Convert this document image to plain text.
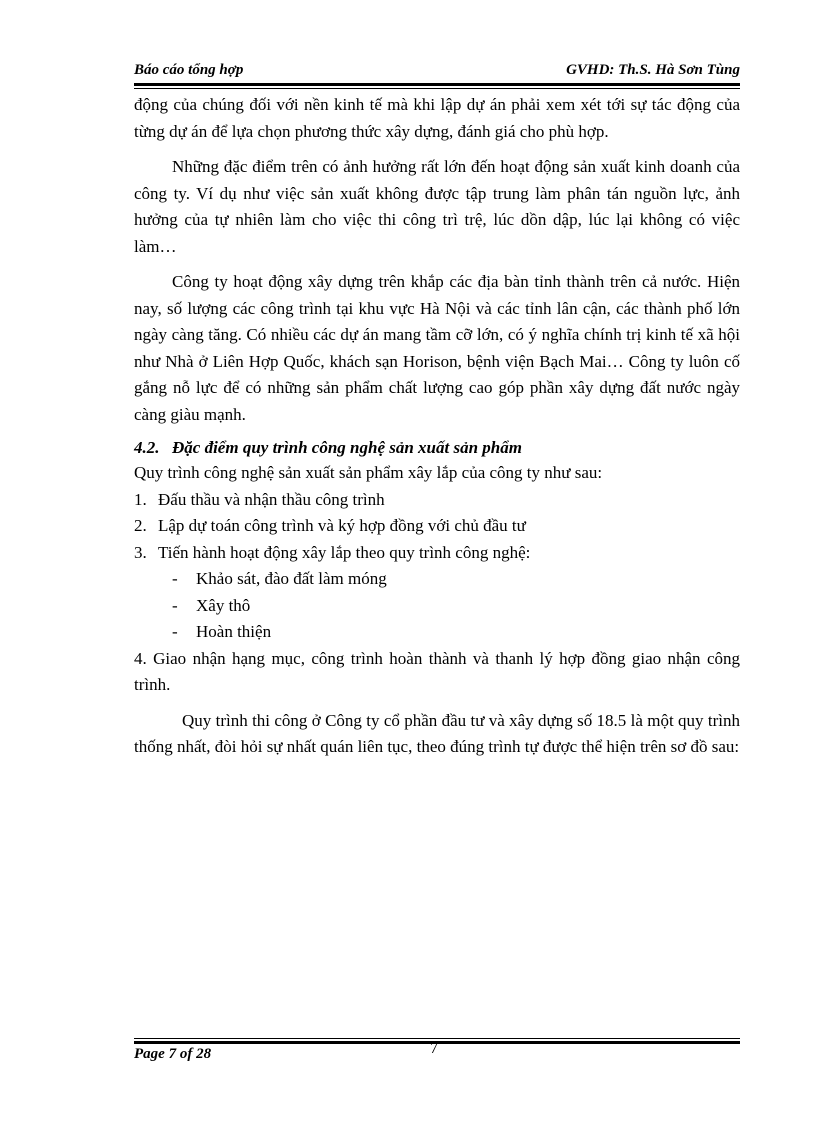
Báo cáo tổng hợp	GVHD: Th.S. Hà Sơn Tùng

động của chúng đối với nền kinh tế mà khi lập dự án phải xem xét tới sự tác động của từng dự án để lựa chọn phương thức xây dựng, đánh giá cho phù hợp.

Những đặc điểm trên có ảnh hưởng rất lớn đến hoạt động sản xuất kinh doanh của công ty. Ví dụ như việc sản xuất không được tập trung làm phân tán nguồn lực, ảnh hưởng của tự nhiên làm cho việc thi công trì trệ, lúc dồn dập, lúc lại không có việc làm…

Công ty hoạt động xây dựng trên khắp các địa bàn tỉnh thành trên cả nước. Hiện nay, số lượng các công trình tại khu vực Hà Nội và các tỉnh lân cận, các thành phố lớn ngày càng tăng. Có nhiều các dự án mang tầm cỡ lớn, có ý nghĩa chính trị kinh tế xã hội như Nhà ở Liên Hợp Quốc, khách sạn Horison, bệnh viện Bạch Mai… Công ty luôn cố gắng nỗ lực để có những sản phẩm chất lượng cao góp phần xây dựng đất nước ngày càng giàu mạnh.

4.2. Đặc điểm quy trình công nghệ sản xuất sản phẩm

Quy trình công nghệ sản xuất sản phẩm xây lắp của công ty như sau:

1. Đấu thầu và nhận thầu công trình
2. Lập dự toán công trình và ký hợp đồng với chủ đầu tư
3. Tiến hành hoạt động xây lắp theo quy trình công nghệ:
-	Khảo sát, đào đất làm móng
-	Xây thô
-	Hoàn thiện

4. Giao nhận hạng mục, công trình hoàn thành và thanh lý hợp đồng giao nhận công trình.

Quy trình thi công ở Công ty cổ phần đầu tư và xây dựng số 18.5 là một quy trình thống nhất, đòi hỏi sự nhất quán liên tục, theo đúng trình tự được thể hiện trên sơ đồ sau:

Page 7 of 28	7
